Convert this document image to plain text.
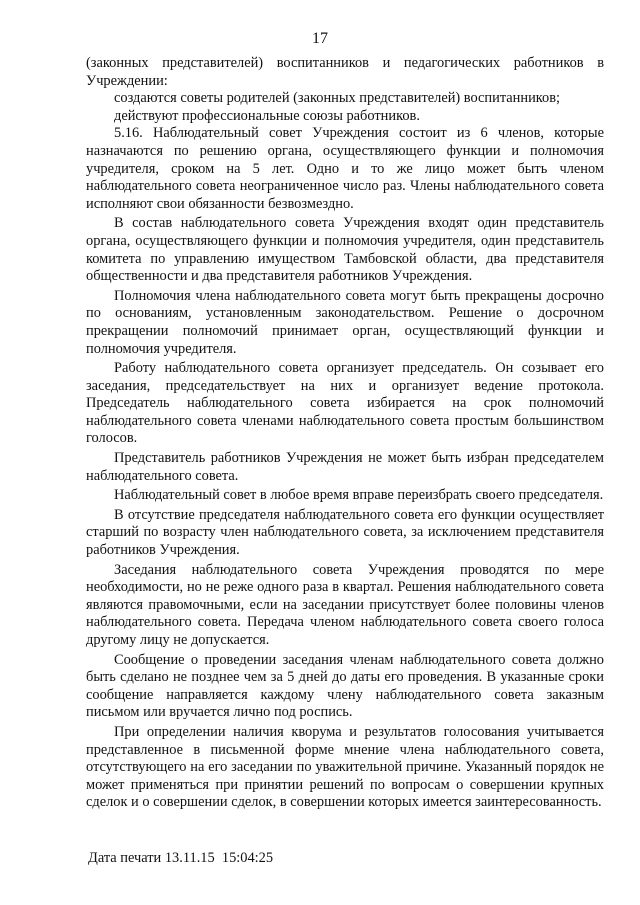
17

(законных представителей) воспитанников и педагогических работников в Учреждении:

создаются советы родителей (законных представителей) воспитанников;

действуют профессиональные союзы работников.

5.16. Наблюдательный совет Учреждения состоит из 6 членов, которые назначаются по решению органа, осуществляющего функции и полномочия учредителя, сроком на 5 лет. Одно и то же лицо может быть членом наблюдательного совета неограниченное число раз. Члены наблюдательного совета исполняют свои обязанности безвозмездно.

В состав наблюдательного совета Учреждения входят один представитель органа, осуществляющего функции и полномочия учредителя, один представитель комитета по управлению имуществом Тамбовской области, два представителя общественности и два представителя работников Учреждения.

Полномочия члена наблюдательного совета могут быть прекращены досрочно по основаниям, установленным законодательством. Решение о досрочном прекращении полномочий принимает орган, осуществляющий функции и полномочия учредителя.

Работу наблюдательного совета организует председатель. Он созывает его заседания, председательствует на них и организует ведение протокола. Председатель наблюдательного совета избирается на срок полномочий наблюдательного совета членами наблюдательного совета простым большинством голосов.

Представитель работников Учреждения не может быть избран председателем наблюдательного совета.

Наблюдательный совет в любое время вправе переизбрать своего председателя.

В отсутствие председателя наблюдательного совета его функции осуществляет старший по возрасту член наблюдательного совета, за исключением представителя работников Учреждения.

Заседания наблюдательного совета Учреждения проводятся по мере необходимости, но не реже одного раза в квартал. Решения наблюдательного совета являются правомочными, если на заседании присутствует более половины членов наблюдательного совета. Передача членом наблюдательного совета своего голоса другому лицу не допускается.

Сообщение о проведении заседания членам наблюдательного совета должно быть сделано не позднее чем за 5 дней до даты его проведения. В указанные сроки сообщение направляется каждому члену наблюдательного совета заказным письмом или вручается лично под роспись.

При определении наличия кворума и результатов голосования учитывается представленное в письменной форме мнение члена наблюдательного совета, отсутствующего на его заседании по уважительной причине. Указанный порядок не может применяться при принятии решений по вопросам о совершении крупных сделок и о совершении сделок, в совершении которых имеется заинтересованность.

Дата печати 13.11.15  15:04:25
